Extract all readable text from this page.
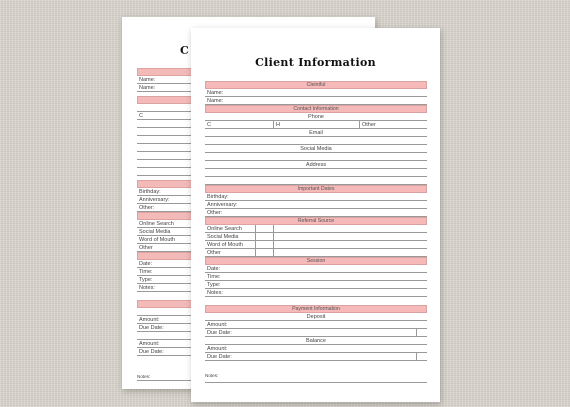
C
Name:
Name:
C
Birthday:
Anniversary:
Other:
Online Search
Social Media
Word of Mouth
Other
Date:
Time:
Type:
Notes:
Amount:
Due Date:
Amount:
Due Date:
Notes:
Client Information
Cleintful
Name:
Name:
Contact Information
Phone
C	H	Other
Email
Social Media
Address
Important Dates
Birthday:
Anniversary:
Other:
Referral Source
Online Search
Social Media
Word of Mouth
Other
Session
Date:
Time:
Type:
Notes:
Payment Information
Deposit
Amount:
Due Date:
Balance
Amount:
Due Date:
Notes:
